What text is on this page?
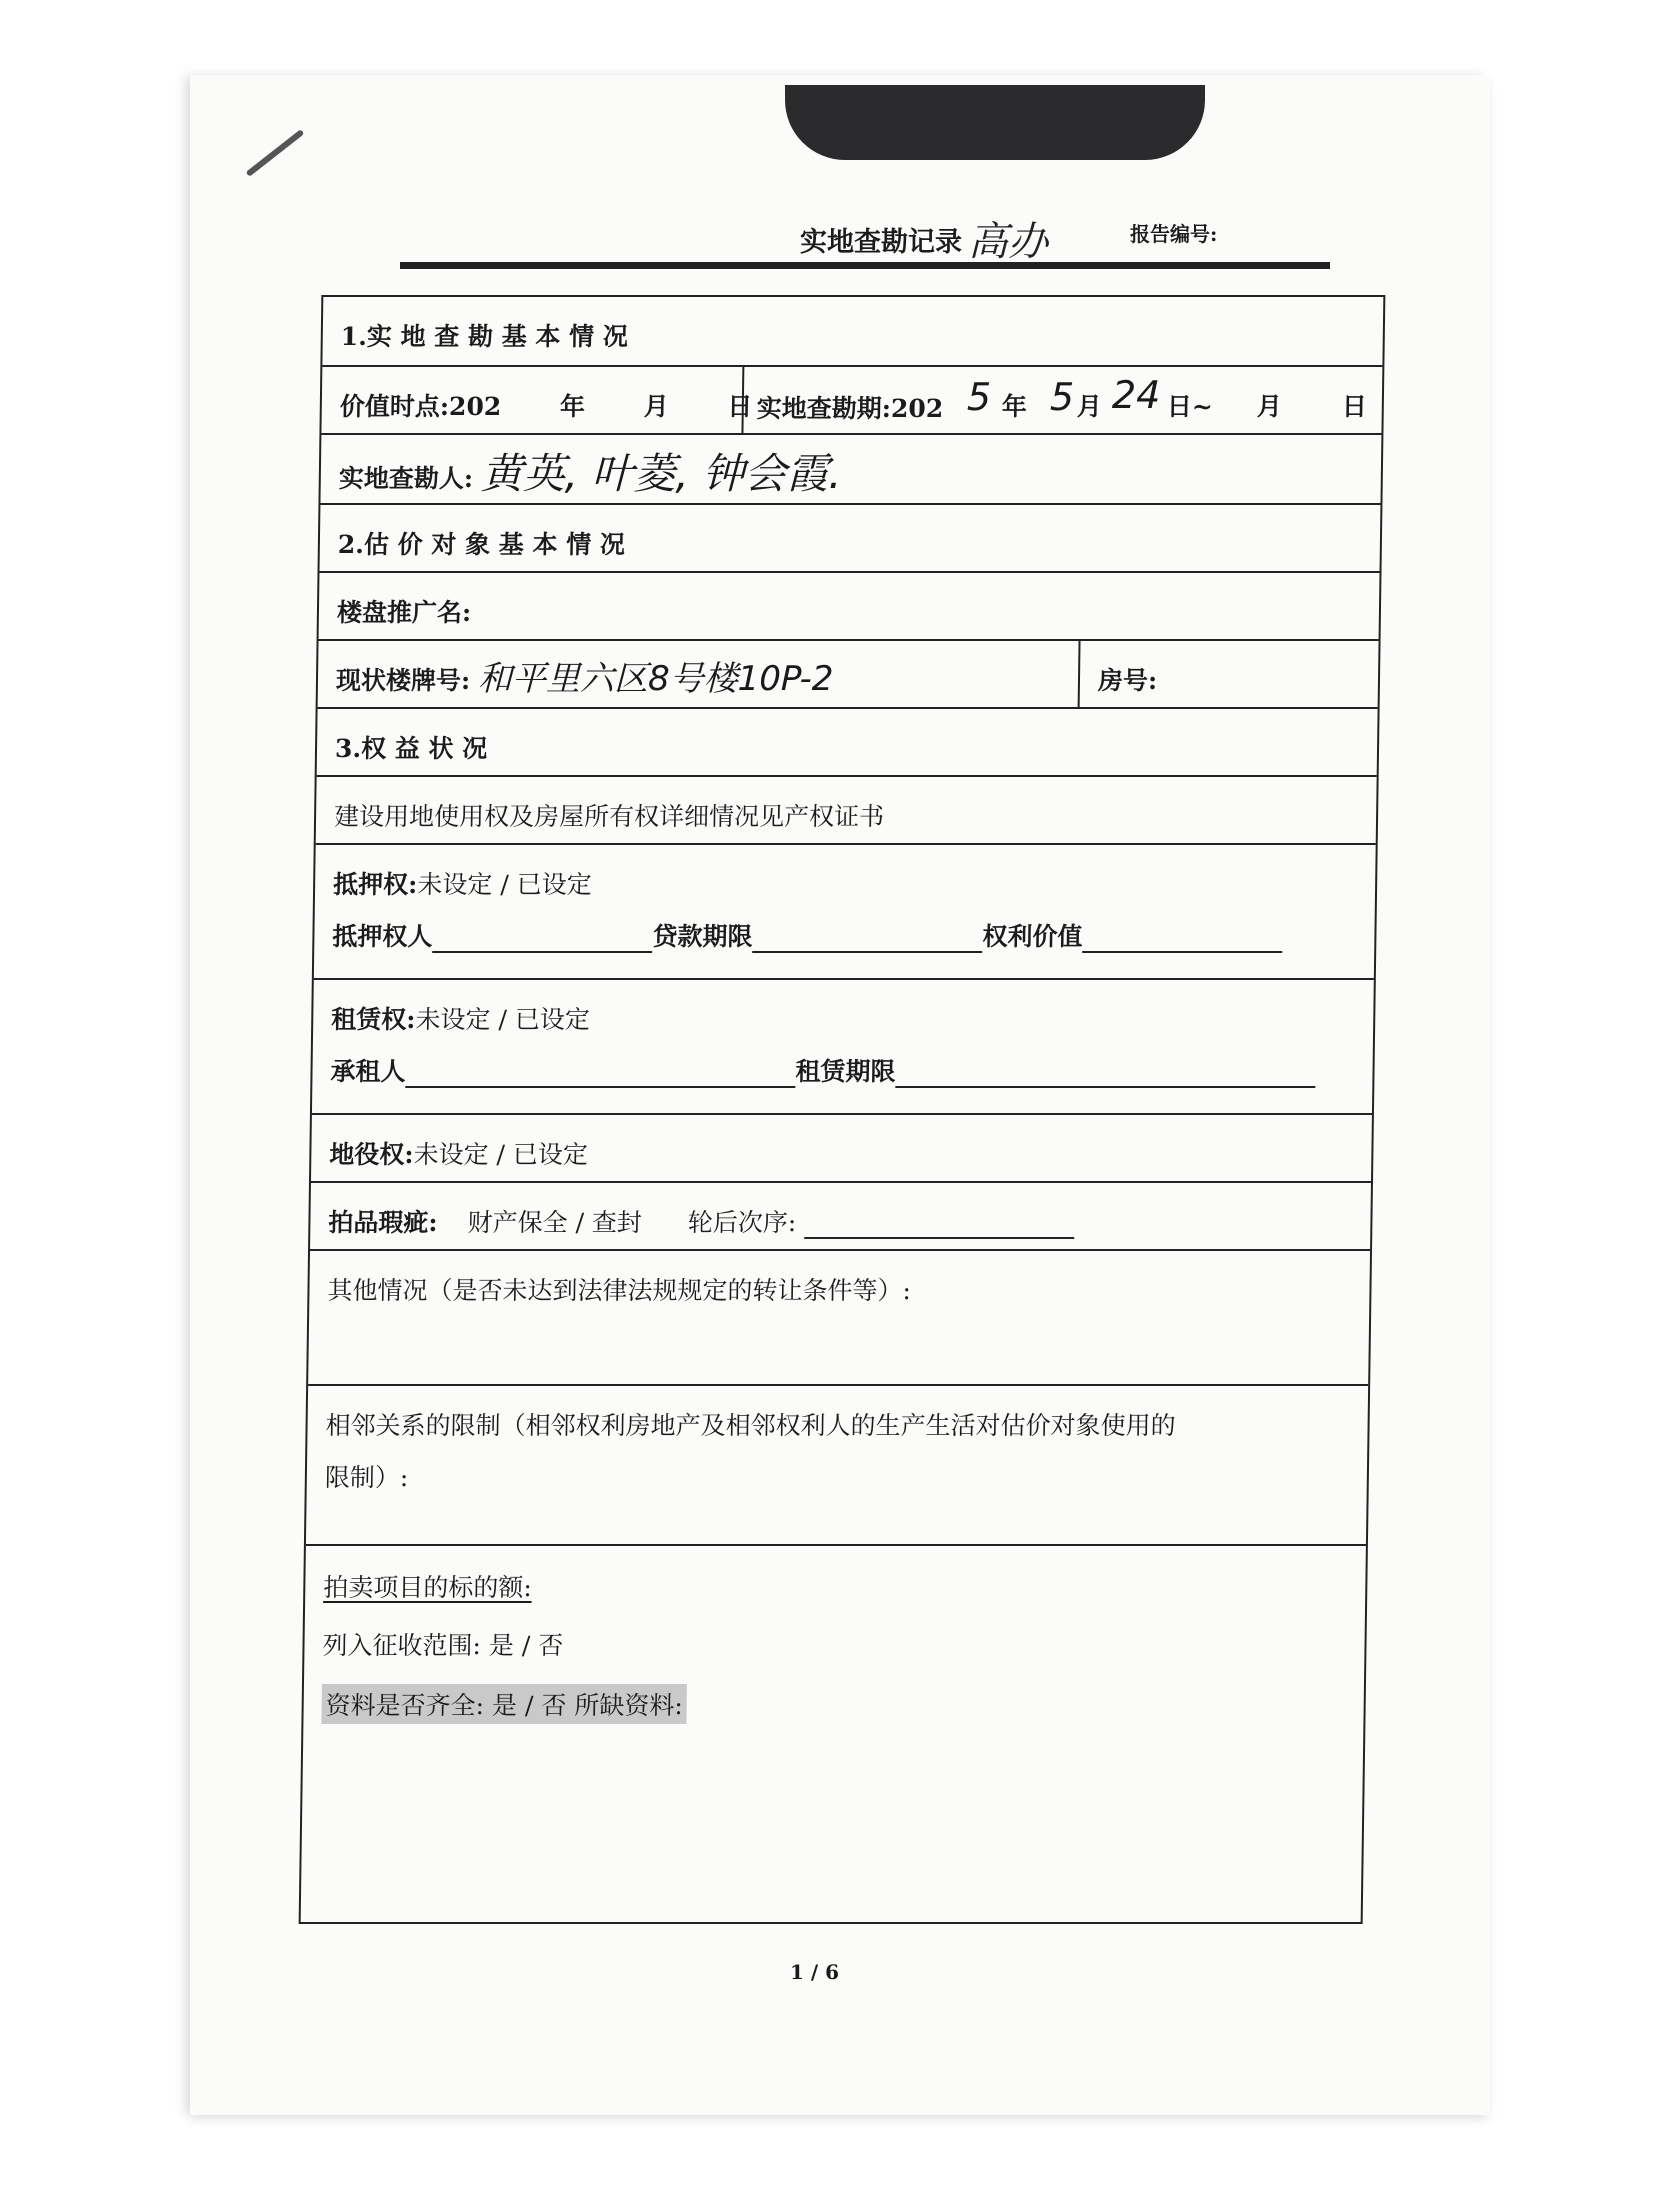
实地查勘记录 高办	报告编号:
1.实 地 查 勘 基 本 情 况
价值时点:202 年 月 日 实地查勘期:202 5 年 5 月 24 日~ 月 日
实地查勘人: 黄英, 叶菱, 钟会霞.
2.估 价 对 象 基 本 情 况
楼盘推广名:
现状楼牌号: 和平里六区8号楼10P-2	房号:
3.权 益 状 况
建设用地使用权及房屋所有权详细情况见产权证书
抵押权:未设定 / 已设定
抵押权人	贷款期限	权利价值
租赁权:未设定 / 已设定
承租人	租赁期限
地役权:未设定 / 已设定
拍品瑕疵: 财产保全 / 查封 轮后次序:
其他情况（是否未达到法律法规规定的转让条件等）:
相邻关系的限制（相邻权利房地产及相邻权利人的生产生活对估价对象使用的
限制）:
拍卖项目的标的额:
列入征收范围: 是 / 否
资料是否齐全: 是 / 否 所缺资料:
1 / 6
